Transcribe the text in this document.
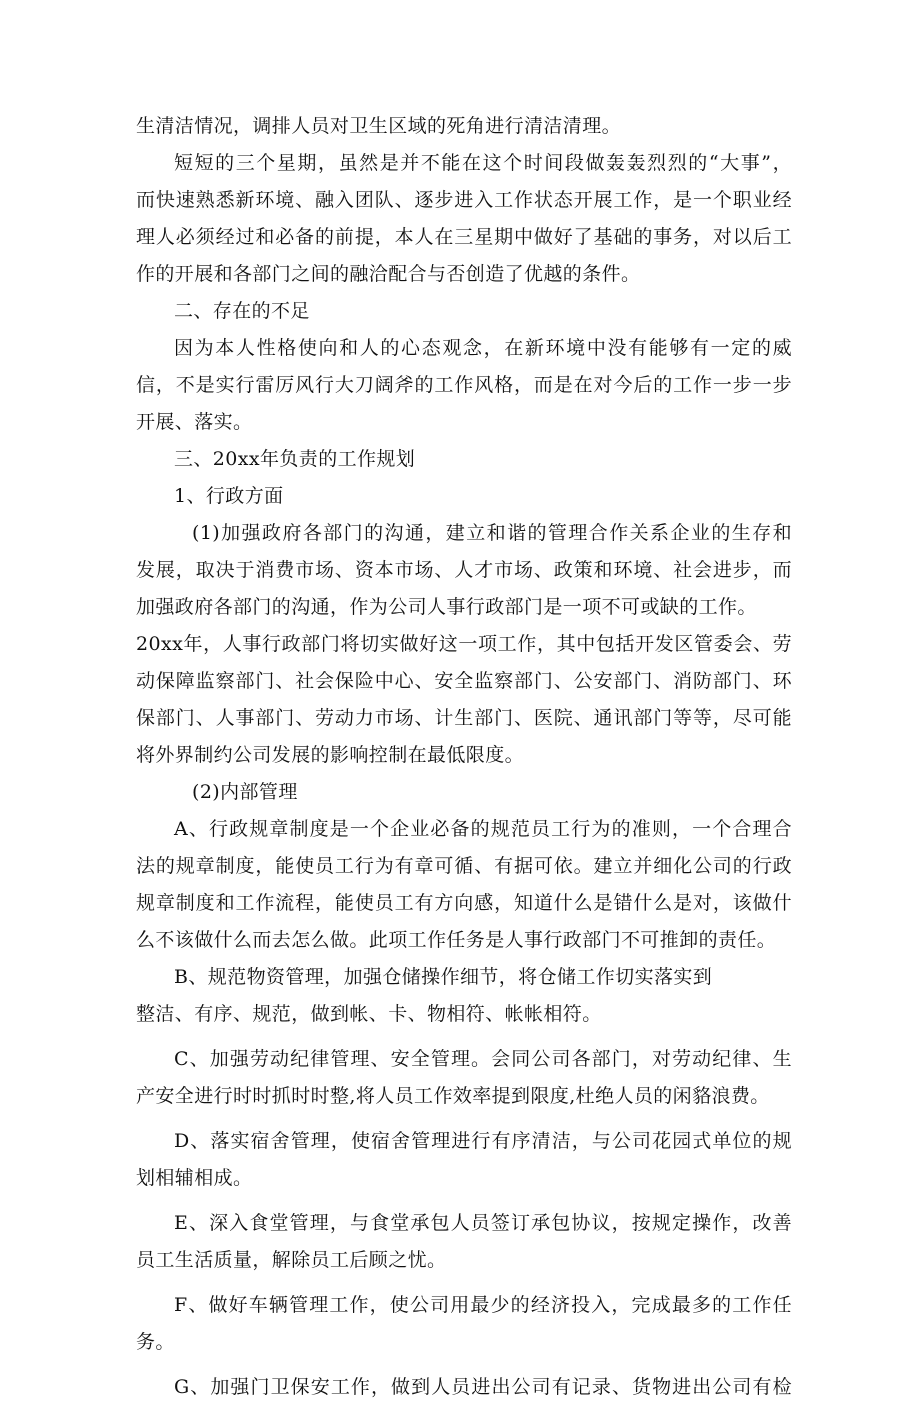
生清洁情况，调排人员对卫生区域的死角进行清洁清理。
短短的三个星期，虽然是并不能在这个时间段做轰轰烈烈的“大事”，
而快速熟悉新环境、融入团队、逐步进入工作状态开展工作，是一个职业经
理人必须经过和必备的前提，本人在三星期中做好了基础的事务，对以后工
作的开展和各部门之间的融洽配合与否创造了优越的条件。
二、存在的不足
因为本人性格使向和人的心态观念，在新环境中没有能够有一定的威
信，不是实行雷厉风行大刀阔斧的工作风格，而是在对今后的工作一步一步
开展、落实。
三、20xx年负责的工作规划
1、行政方面
(1)加强政府各部门的沟通，建立和谐的管理合作关系企业的生存和
发展，取决于消费市场、资本市场、人才市场、政策和环境、社会进步，而
加强政府各部门的沟通，作为公司人事行政部门是一项不可或缺的工作。
20xx年，人事行政部门将切实做好这一项工作，其中包括开发区管委会、劳
动保障监察部门、社会保险中心、安全监察部门、公安部门、消防部门、环
保部门、人事部门、劳动力市场、计生部门、医院、通讯部门等等，尽可能
将外界制约公司发展的影响控制在最低限度。
(2)内部管理
A、行政规章制度是一个企业必备的规范员工行为的准则，一个合理合
法的规章制度，能使员工行为有章可循、有据可依。建立并细化公司的行政
规章制度和工作流程，能使员工有方向感，知道什么是错什么是对，该做什
么不该做什么而去怎么做。此项工作任务是人事行政部门不可推卸的责任。
B、规范物资管理，加强仓储操作细节，将仓储工作切实落实到
整洁、有序、规范，做到帐、卡、物相符、帐帐相符。
C、加强劳动纪律管理、安全管理。会同公司各部门，对劳动纪律、生
产安全进行时时抓时时整,将人员工作效率提到限度,杜绝人员的闲貉浪费。
D、落实宿舍管理，使宿舍管理进行有序清洁，与公司花园式单位的规
划相辅相成。
E、深入食堂管理，与食堂承包人员签订承包协议，按规定操作，改善
员工生活质量，解除员工后顾之忧。
F、做好车辆管理工作，使公司用最少的经济投入，完成最多的工作任
务。
G、加强门卫保安工作，做到人员进出公司有记录、货物进出公司有检
